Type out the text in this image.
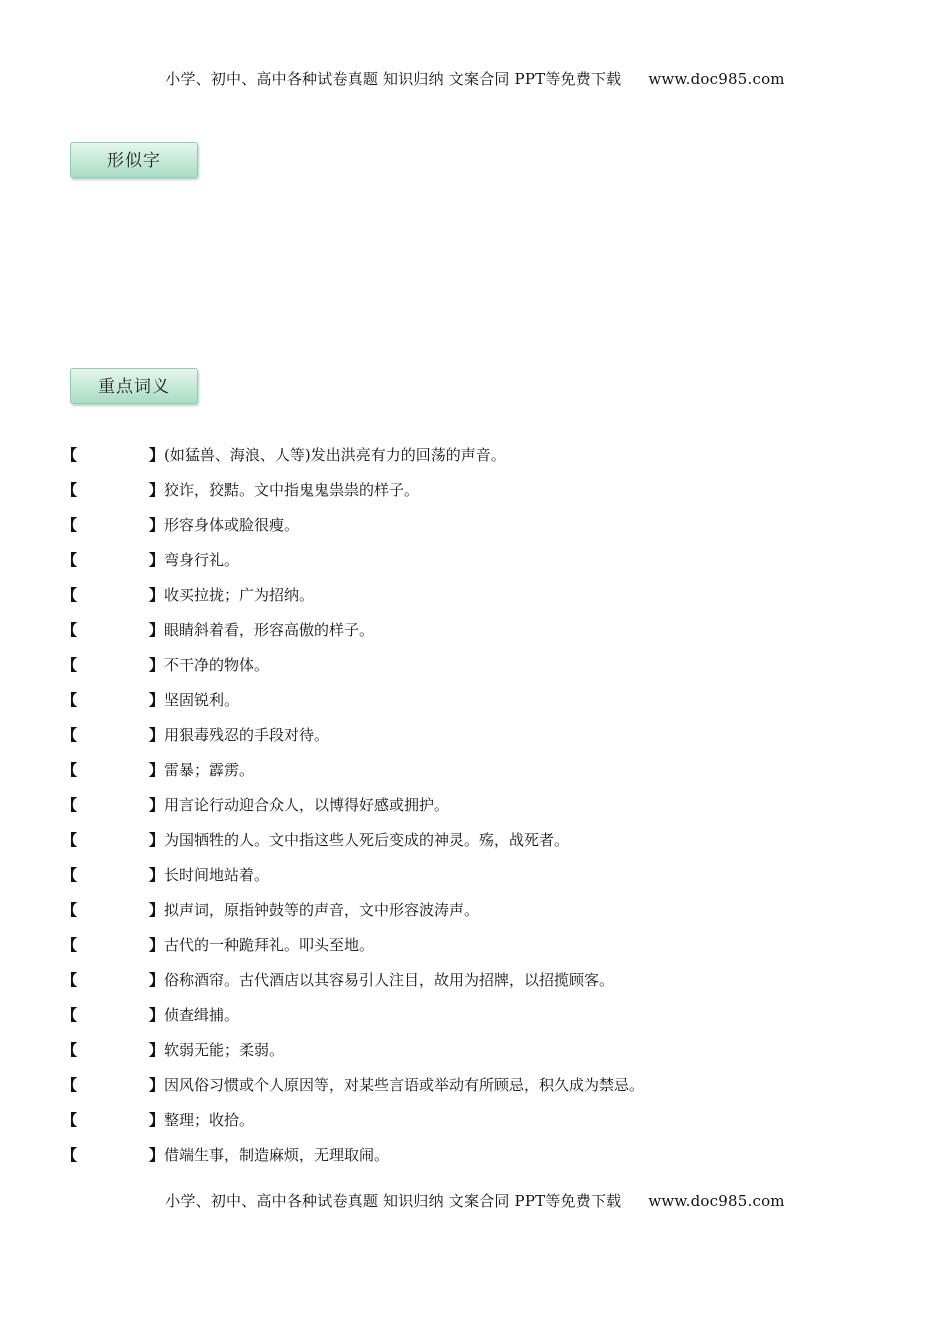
小学、初中、高中各种试卷真题 知识归纳 文案合同 PPT等免费下载 www.doc985.com
形似字
重点词义
【	】(如猛兽、海浪、人等)发出洪亮有力的回荡的声音。
【	】狡诈，狡黠。文中指鬼鬼祟祟的样子。
【	】形容身体或脸很瘦。
【	】弯身行礼。
【	】收买拉拢；广为招纳。
【	】眼睛斜着看，形容高傲的样子。
【	】不干净的物体。
【	】坚固锐利。
【	】用狠毒残忍的手段对待。
【	】雷暴；霹雳。
【	】用言论行动迎合众人，以博得好感或拥护。
【	】为国牺牲的人。文中指这些人死后变成的神灵。殇，战死者。
【	】长时间地站着。
【	】拟声词，原指钟鼓等的声音，文中形容波涛声。
【	】古代的一种跪拜礼。叩头至地。
【	】俗称酒帘。古代酒店以其容易引人注目，故用为招牌，以招揽顾客。
【	】侦查缉捕。
【	】软弱无能；柔弱。
【	】因风俗习惯或个人原因等，对某些言语或举动有所顾忌，积久成为禁忌。
【	】整理；收拾。
【	】借端生事，制造麻烦，无理取闹。
小学、初中、高中各种试卷真题 知识归纳 文案合同 PPT等免费下载 www.doc985.com
